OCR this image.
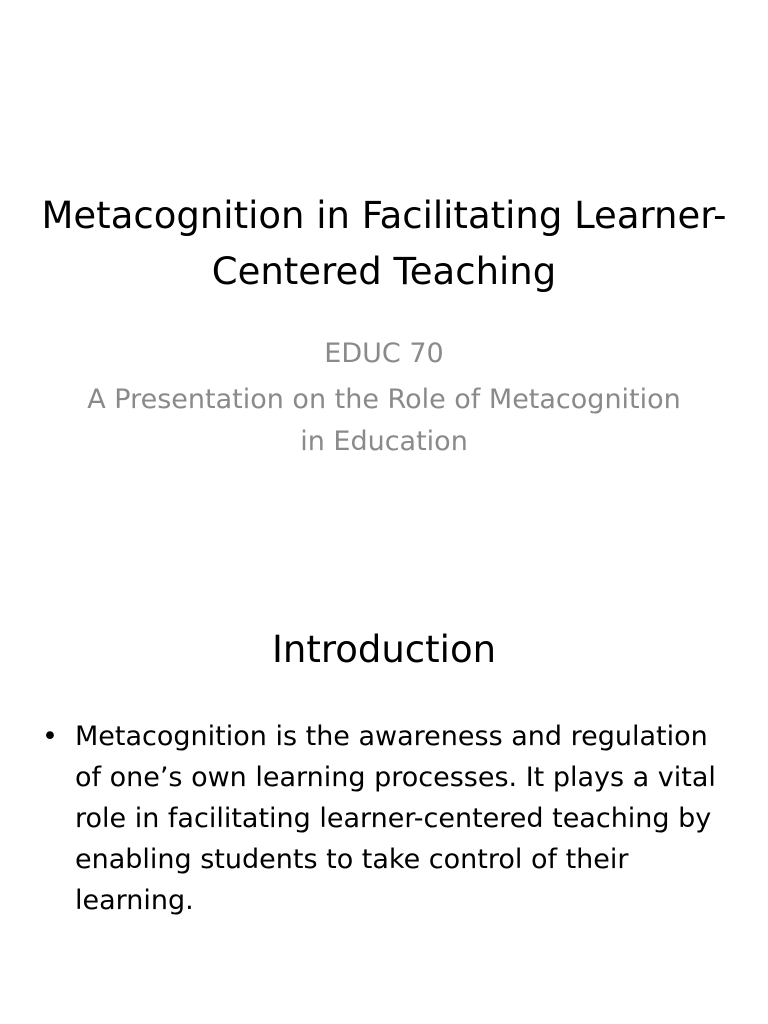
Metacognition in Facilitating Learner-Centered Teaching

EDUC 70

A Presentation on the Role of Metacognition in Education

Introduction
• Metacognition is the awareness and regulation of one’s own learning processes. It plays a vital role in facilitating learner-centered teaching by enabling students to take control of their learning.
